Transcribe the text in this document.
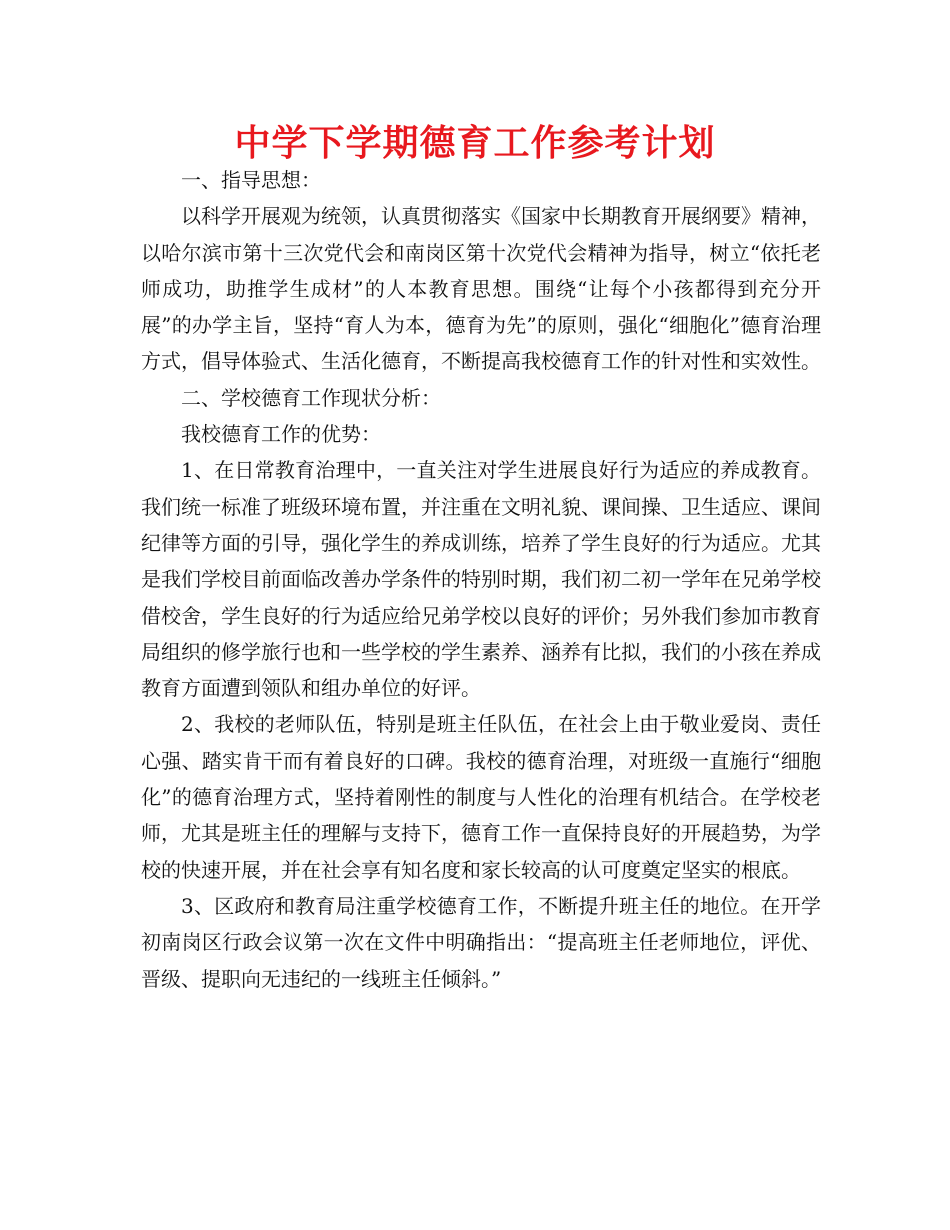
中学下学期德育工作参考计划

一、指导思想：

以科学开展观为统领，认真贯彻落实《国家中长期教育开展纲要》精神，以哈尔滨市第十三次党代会和南岗区第十次党代会精神为指导，树立“依托老师成功，助推学生成材”的人本教育思想。围绕“让每个小孩都得到充分开展”的办学主旨，坚持“育人为本，德育为先”的原则，强化“细胞化”德育治理方式，倡导体验式、生活化德育，不断提高我校德育工作的针对性和实效性。

二、学校德育工作现状分析：

我校德育工作的优势：

1、在日常教育治理中，一直关注对学生进展良好行为适应的养成教育。我们统一标准了班级环境布置，并注重在文明礼貌、课间操、卫生适应、课间纪律等方面的引导，强化学生的养成训练，培养了学生良好的行为适应。尤其是我们学校目前面临改善办学条件的特别时期，我们初二初一学年在兄弟学校借校舍，学生良好的行为适应给兄弟学校以良好的评价；另外我们参加市教育局组织的修学旅行也和一些学校的学生素养、涵养有比拟，我们的小孩在养成教育方面遭到领队和组办单位的好评。

2、我校的老师队伍，特别是班主任队伍，在社会上由于敬业爱岗、责任心强、踏实肯干而有着良好的口碑。我校的德育治理，对班级一直施行“细胞化”的德育治理方式，坚持着刚性的制度与人性化的治理有机结合。在学校老师，尤其是班主任的理解与支持下，德育工作一直保持良好的开展趋势，为学校的快速开展，并在社会享有知名度和家长较高的认可度奠定坚实的根底。

3、区政府和教育局注重学校德育工作，不断提升班主任的地位。在开学初南岗区行政会议第一次在文件中明确指出：“提高班主任老师地位，评优、晋级、提职向无违纪的一线班主任倾斜。”
